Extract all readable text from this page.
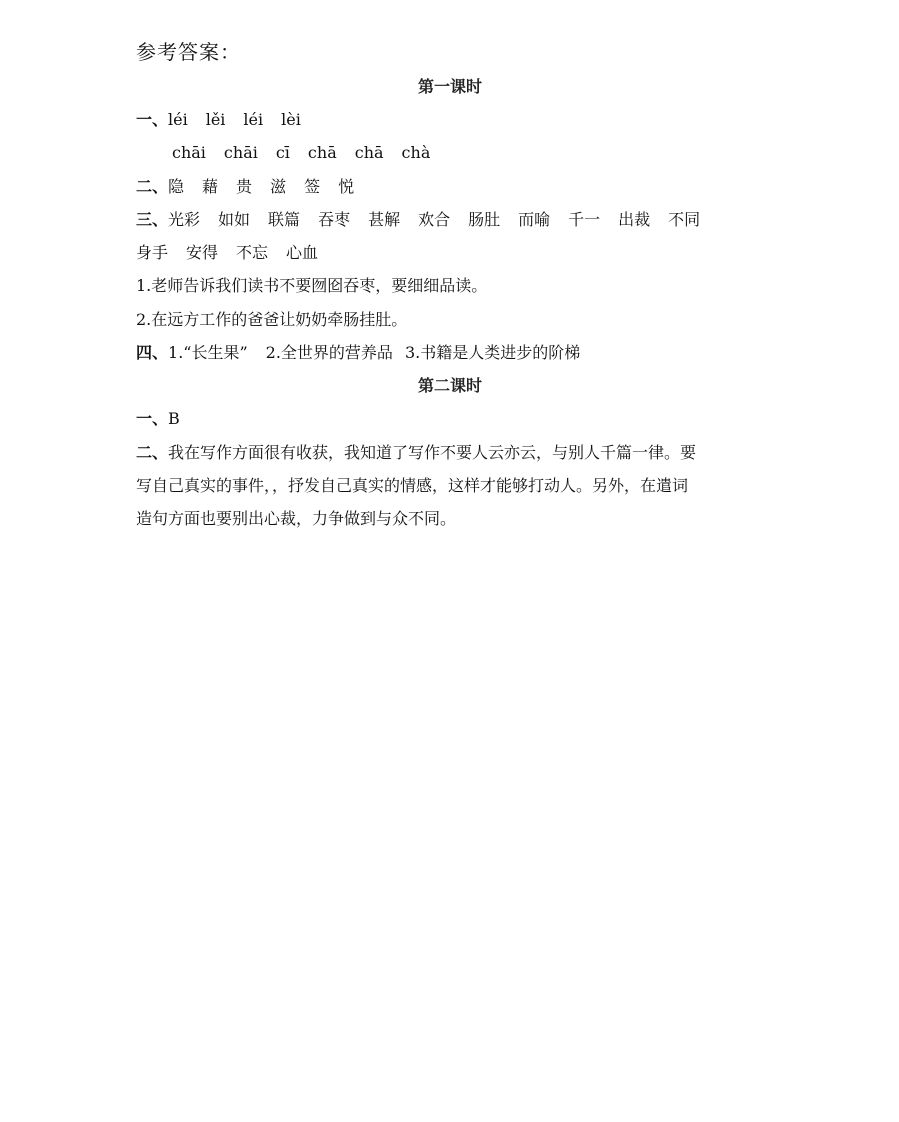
参考答案：
第一课时
一、léi lěi léi lèi
chāi chāi cī chā chā chà
二、隐 藉 贵 滋 签 悦
三、光彩 如如 联篇 吞枣 甚解 欢合 肠肚 而喻 千一 出裁 不同
身手 安得 不忘 心血
1.老师告诉我们读书不要囫囵吞枣，要细细品读。
2.在远方工作的爸爸让奶奶牵肠挂肚。
四、1.“长生果” 2.全世界的营养品 3.书籍是人类进步的阶梯
第二课时
一、B
二、我在写作方面很有收获，我知道了写作不要人云亦云，与别人千篇一律。要
写自己真实的事件，，抒发自己真实的情感，这样才能够打动人。另外，在遣词
造句方面也要别出心裁，力争做到与众不同。
